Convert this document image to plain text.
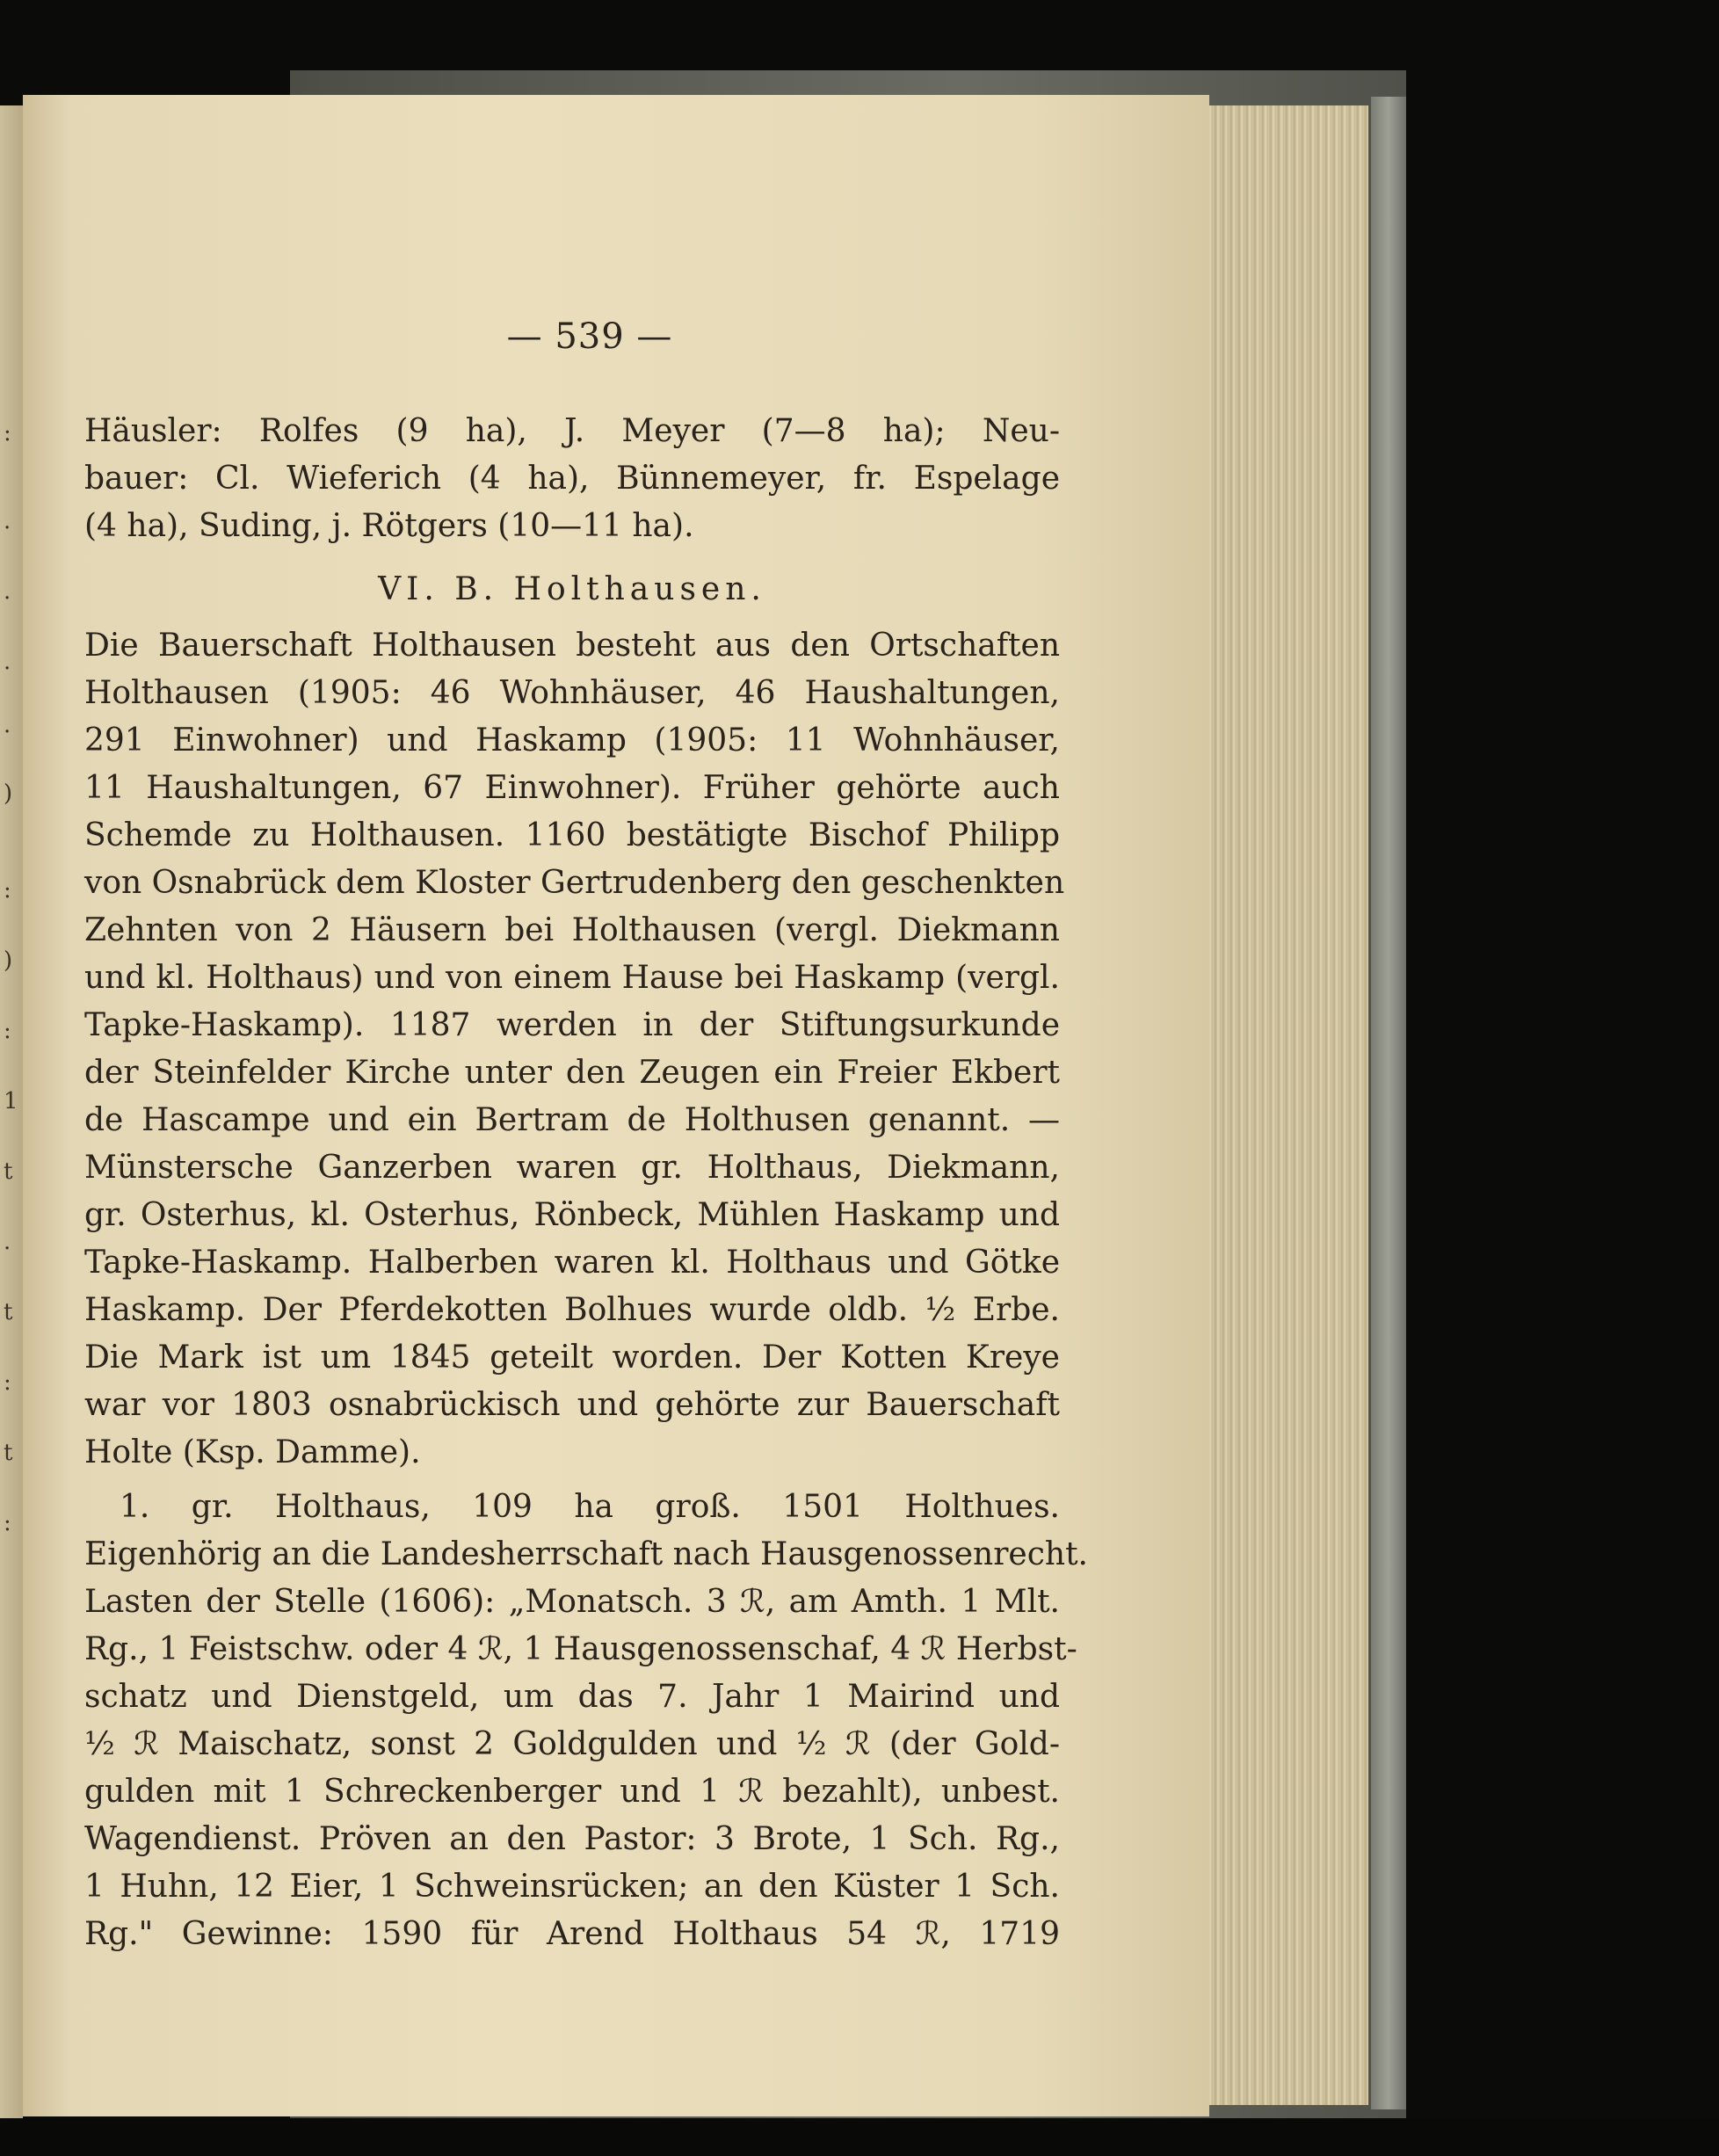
:
.
.
.
·
)
:
)
:
1
t
.
t
:
t
:
— 539 —
Häusler: Rolfes (9 ha), J. Meyer (7—8 ha); Neu-
bauer: Cl. Wieferich (4 ha), Bünnemeyer, fr. Espelage
(4 ha), Suding, j. Rötgers (10—11 ha).
VI. B. Holthausen.
Die Bauerschaft Holthausen besteht aus den Ortschaften
Holthausen (1905: 46 Wohnhäuser, 46 Haushaltungen,
291 Einwohner) und Haskamp (1905: 11 Wohnhäuser,
11 Haushaltungen, 67 Einwohner). Früher gehörte auch
Schemde zu Holthausen. 1160 bestätigte Bischof Philipp
von Osnabrück dem Kloster Gertrudenberg den geschenkten
Zehnten von 2 Häusern bei Holthausen (vergl. Diekmann
und kl. Holthaus) und von einem Hause bei Haskamp (vergl.
Tapke-Haskamp). 1187 werden in der Stiftungsurkunde
der Steinfelder Kirche unter den Zeugen ein Freier Ekbert
de Hascampe und ein Bertram de Holthusen genannt. —
Münstersche Ganzerben waren gr. Holthaus, Diekmann,
gr. Osterhus, kl. Osterhus, Rönbeck, Mühlen Haskamp und
Tapke-Haskamp. Halberben waren kl. Holthaus und Götke
Haskamp. Der Pferdekotten Bolhues wurde oldb. ½ Erbe.
Die Mark ist um 1845 geteilt worden. Der Kotten Kreye
war vor 1803 osnabrückisch und gehörte zur Bauerschaft
Holte (Ksp. Damme).
1. gr. Holthaus, 109 ha groß. 1501 Holthues.
Eigenhörig an die Landesherrschaft nach Hausgenossenrecht.
Lasten der Stelle (1606): „Monatsch. 3 ℛ, am Amth. 1 Mlt.
Rg., 1 Feistschw. oder 4 ℛ, 1 Hausgenossenschaf, 4 ℛ Herbst-
schatz und Dienstgeld, um das 7. Jahr 1 Mairind und
½ ℛ Maischatz, sonst 2 Goldgulden und ½ ℛ (der Gold-
gulden mit 1 Schreckenberger und 1 ℛ bezahlt), unbest.
Wagendienst. Pröven an den Pastor: 3 Brote, 1 Sch. Rg.,
1 Huhn, 12 Eier, 1 Schweinsrücken; an den Küster 1 Sch.
Rg." Gewinne: 1590 für Arend Holthaus 54 ℛ, 1719
